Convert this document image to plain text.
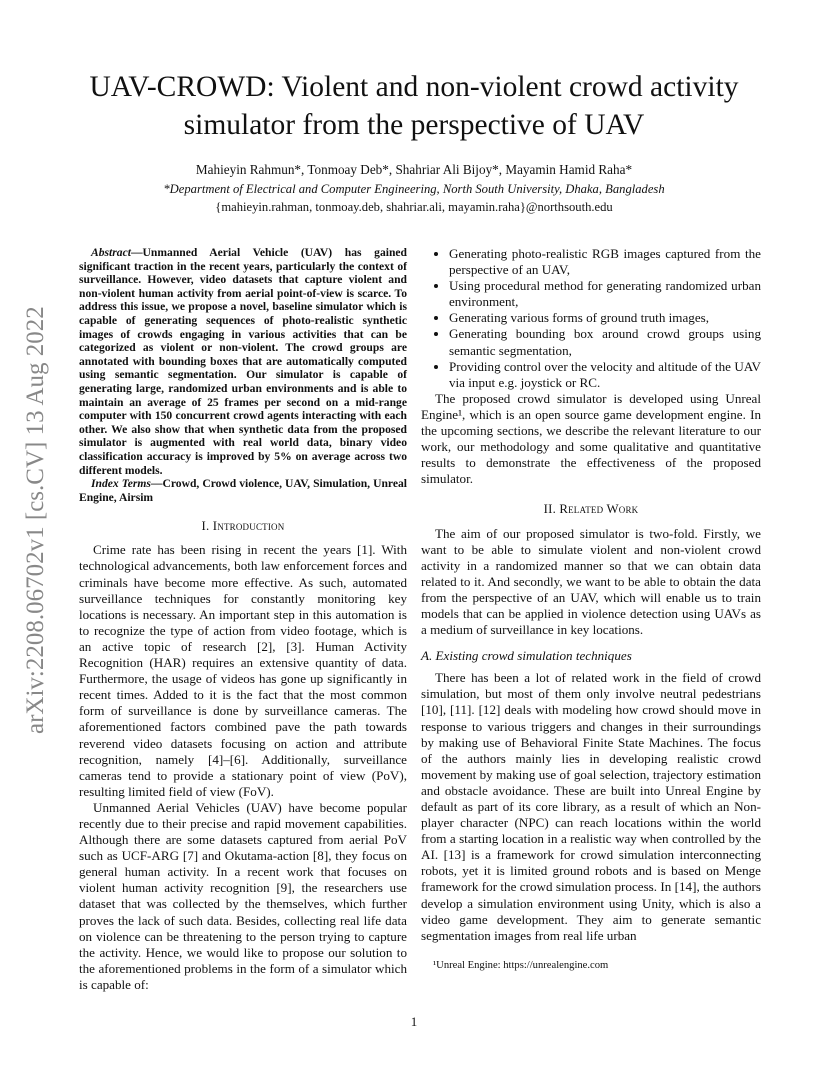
UAV-CROWD: Violent and non-violent crowd activity simulator from the perspective of UAV
Mahieyin Rahmun*, Tonmoay Deb*, Shahriar Ali Bijoy*, Mayamin Hamid Raha*
*Department of Electrical and Computer Engineering, North South University, Dhaka, Bangladesh
{mahieyin.rahman, tonmoay.deb, shahriar.ali, mayamin.raha}@northsouth.edu
arXiv:2208.06702v1 [cs.CV] 13 Aug 2022

Abstract—Unmanned Aerial Vehicle (UAV) has gained significant traction in the recent years, particularly the context of surveillance. However, video datasets that capture violent and non-violent human activity from aerial point-of-view is scarce. To address this issue, we propose a novel, baseline simulator which is capable of generating sequences of photo-realistic synthetic images of crowds engaging in various activities that can be categorized as violent or non-violent. The crowd groups are annotated with bounding boxes that are automatically computed using semantic segmentation. Our simulator is capable of generating large, randomized urban environments and is able to maintain an average of 25 frames per second on a mid-range computer with 150 concurrent crowd agents interacting with each other. We also show that when synthetic data from the proposed simulator is augmented with real world data, binary video classification accuracy is improved by 5% on average across two different models.

Index Terms—Crowd, Crowd violence, UAV, Simulation, Unreal Engine, Airsim

I. Introduction

Crime rate has been rising in recent the years [1]. With technological advancements, both law enforcement forces and criminals have become more effective. As such, automated surveillance techniques for constantly monitoring key locations is necessary. An important step in this automation is to recognize the type of action from video footage, which is an active topic of research [2], [3]. Human Activity Recognition (HAR) requires an extensive quantity of data. Furthermore, the usage of videos has gone up significantly in recent times. Added to it is the fact that the most common form of surveillance is done by surveillance cameras. The aforementioned factors combined pave the path towards reverend video datasets focusing on action and attribute recognition, namely [4]–[6]. Additionally, surveillance cameras tend to provide a stationary point of view (PoV), resulting limited field of view (FoV).

Unmanned Aerial Vehicles (UAV) have become popular recently due to their precise and rapid movement capabilities. Although there are some datasets captured from aerial PoV such as UCF-ARG [7] and Okutama-action [8], they focus on general human activity. In a recent work that focuses on violent human activity recognition [9], the researchers use dataset that was collected by the themselves, which further proves the lack of such data. Besides, collecting real life data on violence can be threatening to the person trying to capture the activity. Hence, we would like to propose our solution to the aforementioned problems in the form of a simulator which is capable of:

• Generating photo-realistic RGB images captured from the perspective of an UAV,
• Using procedural method for generating randomized urban environment,
• Generating various forms of ground truth images,
• Generating bounding box around crowd groups using semantic segmentation,
• Providing control over the velocity and altitude of the UAV via input e.g. joystick or RC.

The proposed crowd simulator is developed using Unreal Engine¹, which is an open source game development engine. In the upcoming sections, we describe the relevant literature to our work, our methodology and some qualitative and quantitative results to demonstrate the effectiveness of the proposed simulator.

II. Related Work

The aim of our proposed simulator is two-fold. Firstly, we want to be able to simulate violent and non-violent crowd activity in a randomized manner so that we can obtain data related to it. And secondly, we want to be able to obtain the data from the perspective of an UAV, which will enable us to train models that can be applied in violence detection using UAVs as a medium of surveillance in key locations.

A. Existing crowd simulation techniques

There has been a lot of related work in the field of crowd simulation, but most of them only involve neutral pedestrians [10], [11]. [12] deals with modeling how crowd should move in response to various triggers and changes in their surroundings by making use of Behavioral Finite State Machines. The focus of the authors mainly lies in developing realistic crowd movement by making use of goal selection, trajectory estimation and obstacle avoidance. These are built into Unreal Engine by default as part of its core library, as a result of which an Non-player character (NPC) can reach locations within the world from a starting location in a realistic way when controlled by the AI. [13] is a framework for crowd simulation interconnecting robots, yet it is limited ground robots and is based on Menge framework for the crowd simulation process. In [14], the authors develop a simulation environment using Unity, which is also a video game development. They aim to generate semantic segmentation images from real life urban

¹Unreal Engine: https://unrealengine.com
1
